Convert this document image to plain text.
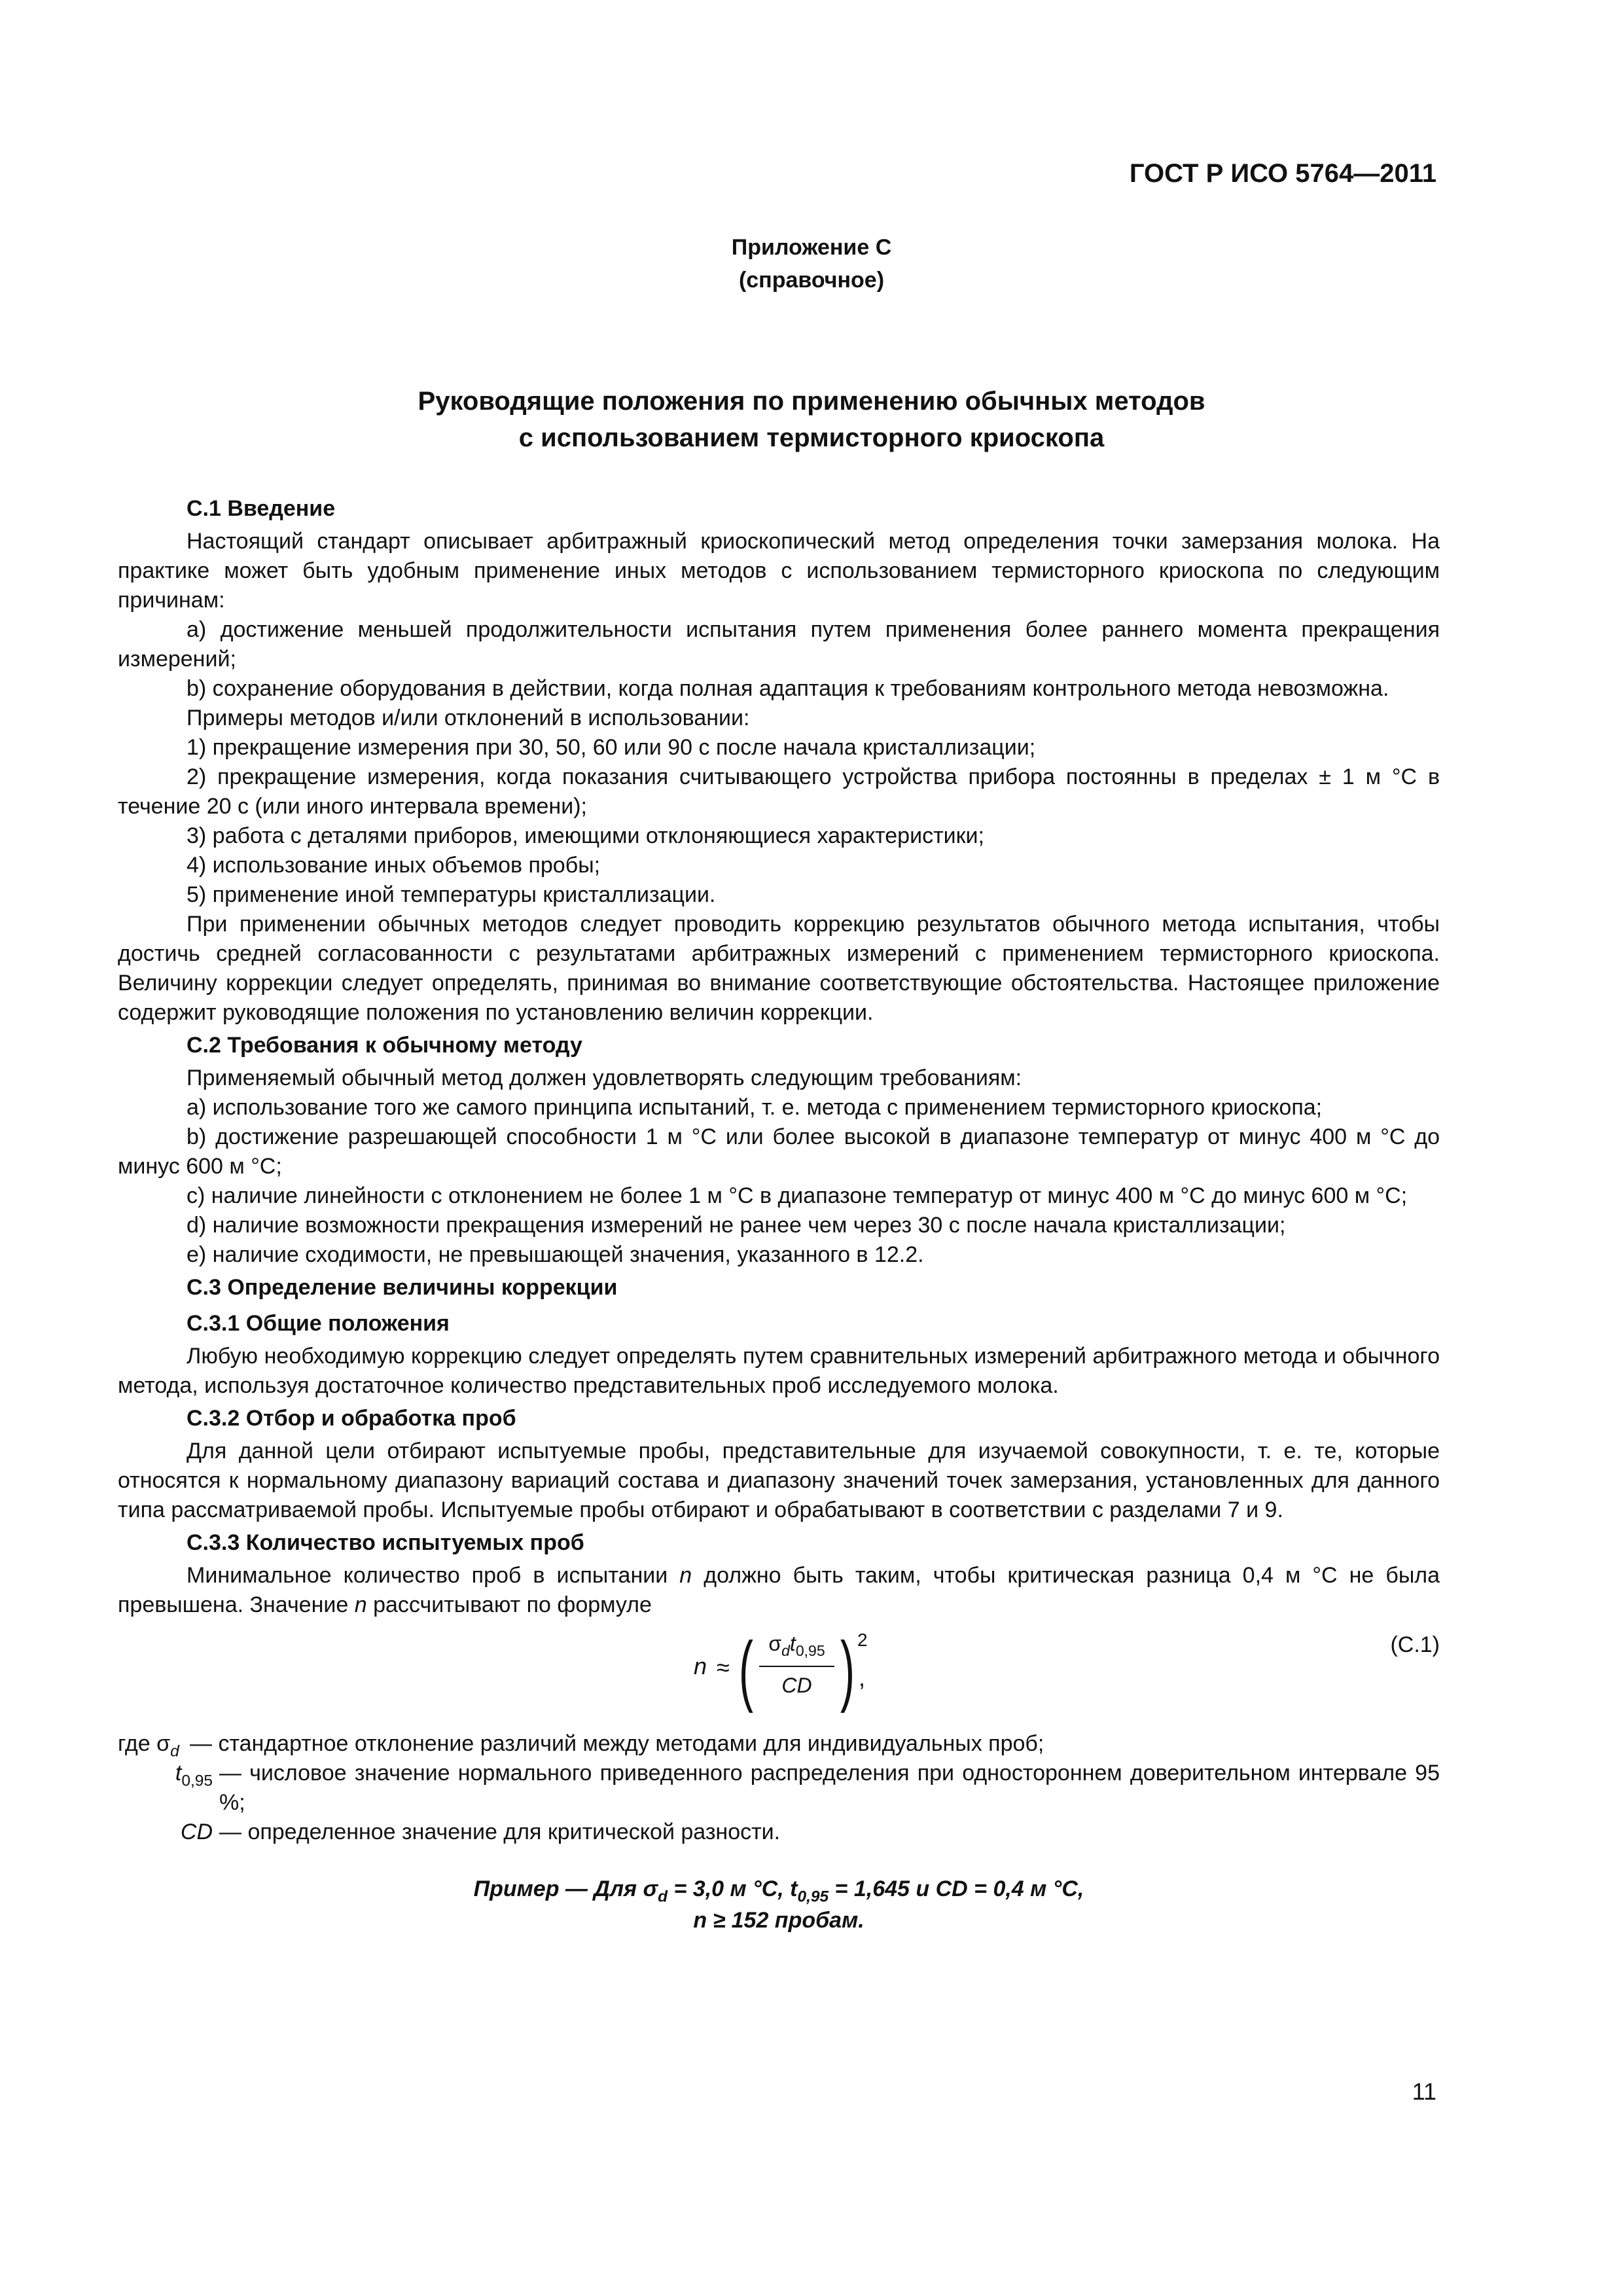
ГОСТ Р ИСО 5764—2011
Приложение С
(справочное)
Руководящие положения по применению обычных методов
с использованием термисторного криоскопа

С.1 Введение

Настоящий стандарт описывает арбитражный криоскопический метод определения точки замерзания молока. На практике может быть удобным применение иных методов с использованием термисторного криоскопа по следующим причинам:

a) достижение меньшей продолжительности испытания путем применения более раннего момента прекращения измерений;

b) сохранение оборудования в действии, когда полная адаптация к требованиям контрольного метода невозможна.

Примеры методов и/или отклонений в использовании:

1) прекращение измерения при 30, 50, 60 или 90 с после начала кристаллизации;

2) прекращение измерения, когда показания считывающего устройства прибора постоянны в пределах ± 1 м °С в течение 20 с (или иного интервала времени);

3) работа с деталями приборов, имеющими отклоняющиеся характеристики;

4) использование иных объемов пробы;

5) применение иной температуры кристаллизации.

При применении обычных методов следует проводить коррекцию результатов обычного метода испытания, чтобы достичь средней согласованности с результатами арбитражных измерений с применением термисторного криоскопа. Величину коррекции следует определять, принимая во внимание соответствующие обстоятельства. Настоящее приложение содержит руководящие положения по установлению величин коррекции.

С.2 Требования к обычному методу

Применяемый обычный метод должен удовлетворять следующим требованиям:

a) использование того же самого принципа испытаний, т. е. метода с применением термисторного криоскопа;

b) достижение разрешающей способности 1 м °С или более высокой в диапазоне температур от минус 400 м °С до минус 600 м °С;

c) наличие линейности с отклонением не более 1 м °С в диапазоне температур от минус 400 м °С до минус 600 м °С;

d) наличие возможности прекращения измерений не ранее чем через 30 с после начала кристаллизации;

e) наличие сходимости, не превышающей значения, указанного в 12.2.

С.3 Определение величины коррекции

С.3.1 Общие положения

Любую необходимую коррекцию следует определять путем сравнительных измерений арбитражного метода и обычного метода, используя достаточное количество представительных проб исследуемого молока.

С.3.2 Отбор и обработка проб

Для данной цели отбирают испытуемые пробы, представительные для изучаемой совокупности, т. е. те, которые относятся к нормальному диапазону вариаций состава и диапазону значений точек замерзания, установленных для данного типа рассматриваемой пробы. Испытуемые пробы отбирают и обрабатывают в соответствии с разделами 7 и 9.

С.3.3 Количество испытуемых проб

Минимальное количество проб в испытании n должно быть таким, чтобы критическая разница 0,4 м °С не была превышена. Значение n рассчитывают по формуле

n ≈ ( $\sigma_dt_{0,95}$
CD ) 2
,
(С.1)
где $\sigma_d$ — стандартное отклонение различий между методами для индивидуальных проб;
$t_{0,95}$ — числовое значение нормального приведенного распределения при одностороннем доверительном интервале 95 %;
CD — определенное значение для критической разности.
Пример — Для $\sigma_d = 3,0$ м °С, $t_{0,95} = 1,645$ и CD = 0,4 м °С,
n ≥ 152 пробам.
11
